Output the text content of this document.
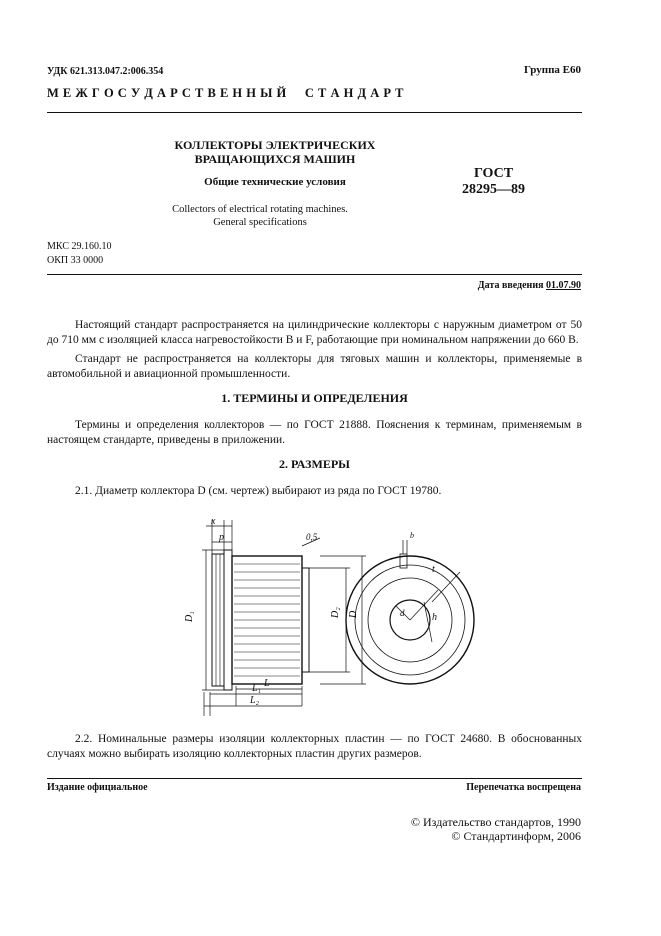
УДК 621.313.047.2:006.354	Группа Е60
М Е Ж Г О С У Д А Р С Т В Е Н Н Ы Й     С Т А Н Д А Р Т
КОЛЛЕКТОРЫ ЭЛЕКТРИЧЕСКИХ
ВРАЩАЮЩИХСЯ МАШИН
Общие технические условия
Collectors of electrical rotating machines.
General specifications
ГОСТ
28295—89
МКС 29.160.10
ОКП 33 0000
Дата введения 01.07.90
Настоящий стандарт распространяется на цилиндрические коллекторы с наружным диаметром от 50 до 710 мм с изоляцией класса нагревостойкости В и F, работающие при номинальном напряжении до 660 В.
Стандарт не распространяется на коллекторы для тяговых машин и коллекторы, применяемые в автомобильной и авиационной промышленности.
1. ТЕРМИНЫ И ОПРЕДЕЛЕНИЯ
Термины и определения коллекторов — по ГОСТ 21888. Пояснения к терминам, применяемым в настоящем стандарте, приведены в приложении.
2. РАЗМЕРЫ
2.1. Диаметр коллектора D (см. чертеж) выбирают из ряда по ГОСТ 19780.
x
p	0,5
D₁	D₂ D
L
L₁
L₂
b
t
h
d
2.2. Номинальные размеры изоляции коллекторных пластин — по ГОСТ 24680. В обоснованных случаях можно выбирать изоляцию коллекторных пластин других размеров.
Издание официальное	Перепечатка воспрещена
© Издательство стандартов, 1990
© Стандартинформ, 2006
